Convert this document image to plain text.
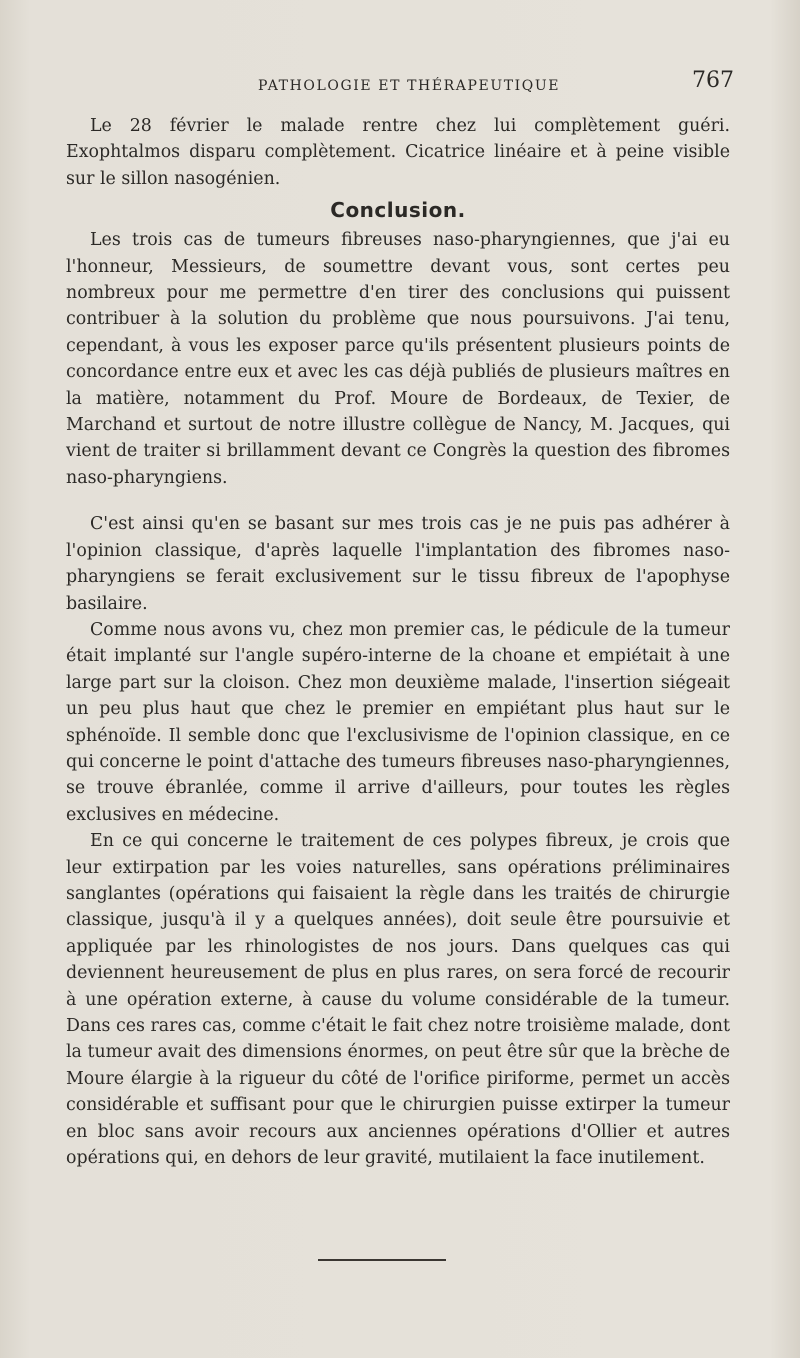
PATHOLOGIE ET THÉRAPEUTIQUE	767

Le 28 février le malade rentre chez lui complètement guéri. Exophtalmos disparu complètement. Cicatrice linéaire et à peine visible sur le sillon nasogénien.

Conclusion.

Les trois cas de tumeurs fibreuses naso-pharyngiennes, que j'ai eu l'honneur, Messieurs, de soumettre devant vous, sont certes peu nombreux pour me permettre d'en tirer des conclusions qui puissent contribuer à la solution du problème que nous poursuivons. J'ai tenu, cependant, à vous les exposer parce qu'ils présentent plusieurs points de concordance entre eux et avec les cas déjà publiés de plusieurs maîtres en la matière, notamment du Prof. Moure de Bordeaux, de Texier, de Marchand et surtout de notre illustre collègue de Nancy, M. Jacques, qui vient de traiter si brillamment devant ce Congrès la question des fibromes naso-pharyngiens.

C'est ainsi qu'en se basant sur mes trois cas je ne puis pas adhérer à l'opinion classique, d'après laquelle l'implantation des fibromes naso-pharyngiens se ferait exclusivement sur le tissu fibreux de l'apophyse basilaire.

Comme nous avons vu, chez mon premier cas, le pédicule de la tumeur était implanté sur l'angle supéro-interne de la choane et empiétait à une large part sur la cloison. Chez mon deuxième malade, l'insertion siégeait un peu plus haut que chez le premier en empiétant plus haut sur le sphénoïde. Il semble donc que l'exclusivisme de l'opinion classique, en ce qui concerne le point d'attache des tumeurs fibreuses naso-pharyngiennes, se trouve ébranlée, comme il arrive d'ailleurs, pour toutes les règles exclusives en médecine.

En ce qui concerne le traitement de ces polypes fibreux, je crois que leur extirpation par les voies naturelles, sans opérations préliminaires sanglantes (opérations qui faisaient la règle dans les traités de chirurgie classique, jusqu'à il y a quelques années), doit seule être poursuivie et appliquée par les rhinologistes de nos jours. Dans quelques cas qui deviennent heureusement de plus en plus rares, on sera forcé de recourir à une opération externe, à cause du volume considérable de la tumeur. Dans ces rares cas, comme c'était le fait chez notre troisième malade, dont la tumeur avait des dimensions énormes, on peut être sûr que la brèche de Moure élargie à la rigueur du côté de l'orifice piriforme, permet un accès considérable et suffisant pour que le chirurgien puisse extirper la tumeur en bloc sans avoir recours aux anciennes opérations d'Ollier et autres opérations qui, en dehors de leur gravité, mutilaient la face inutilement.
